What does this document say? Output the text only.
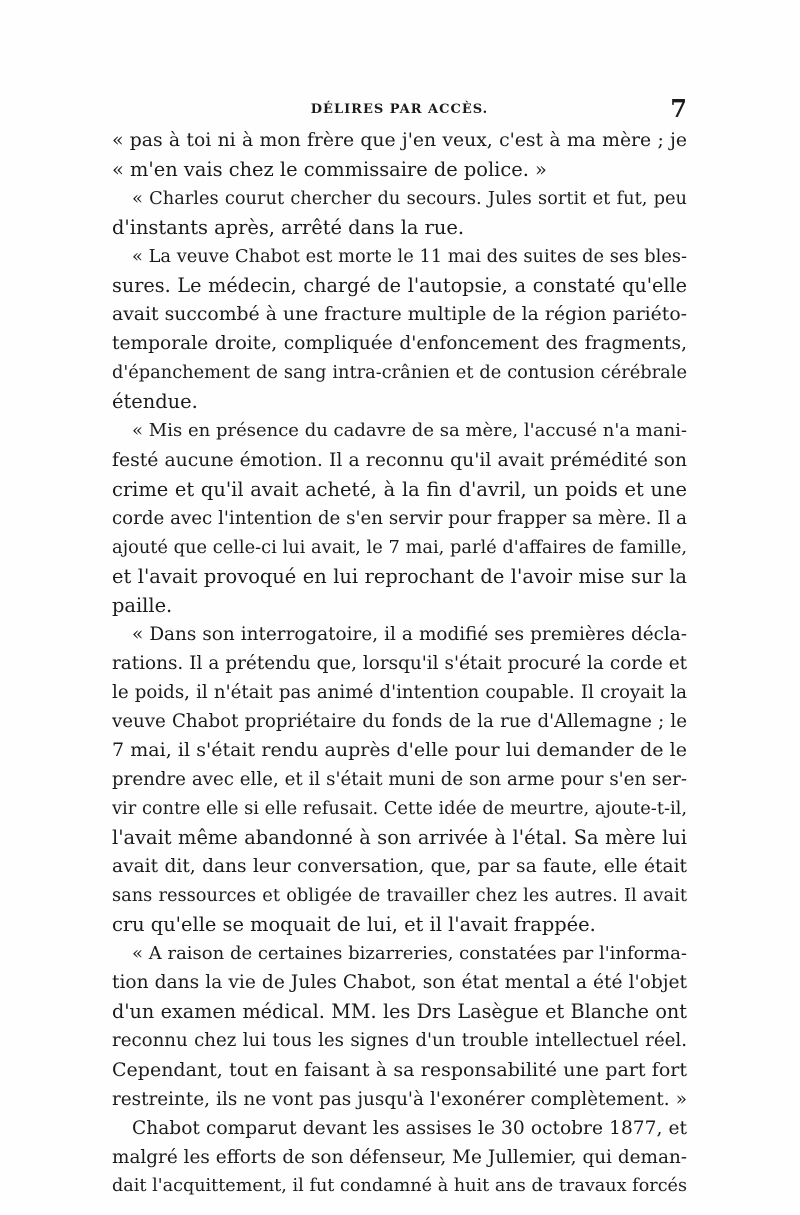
DÉLIRES PAR ACCÈS.	7
« pas à toi ni à mon frère que j'en veux, c'est à ma mère ; je
« m'en vais chez le commissaire de police. »
« Charles courut chercher du secours. Jules sortit et fut, peu
d'instants après, arrêté dans la rue.
« La veuve Chabot est morte le 11 mai des suites de ses bles-
sures. Le médecin, chargé de l'autopsie, a constaté qu'elle
avait succombé à une fracture multiple de la région pariéto-
temporale droite, compliquée d'enfoncement des fragments,
d'épanchement de sang intra-crânien et de contusion cérébrale
étendue.
« Mis en présence du cadavre de sa mère, l'accusé n'a mani-
festé aucune émotion. Il a reconnu qu'il avait prémédité son
crime et qu'il avait acheté, à la fin d'avril, un poids et une
corde avec l'intention de s'en servir pour frapper sa mère. Il a
ajouté que celle-ci lui avait, le 7 mai, parlé d'affaires de famille,
et l'avait provoqué en lui reprochant de l'avoir mise sur la
paille.
« Dans son interrogatoire, il a modifié ses premières décla-
rations. Il a prétendu que, lorsqu'il s'était procuré la corde et
le poids, il n'était pas animé d'intention coupable. Il croyait la
veuve Chabot propriétaire du fonds de la rue d'Allemagne ; le
7 mai, il s'était rendu auprès d'elle pour lui demander de le
prendre avec elle, et il s'était muni de son arme pour s'en ser-
vir contre elle si elle refusait. Cette idée de meurtre, ajoute-t-il,
l'avait même abandonné à son arrivée à l'étal. Sa mère lui
avait dit, dans leur conversation, que, par sa faute, elle était
sans ressources et obligée de travailler chez les autres. Il avait
cru qu'elle se moquait de lui, et il l'avait frappée.
« A raison de certaines bizarreries, constatées par l'informa-
tion dans la vie de Jules Chabot, son état mental a été l'objet
d'un examen médical. MM. les Drs Lasègue et Blanche ont
reconnu chez lui tous les signes d'un trouble intellectuel réel.
Cependant, tout en faisant à sa responsabilité une part fort
restreinte, ils ne vont pas jusqu'à l'exonérer complètement. »
Chabot comparut devant les assises le 30 octobre 1877, et
malgré les efforts de son défenseur, Me Jullemier, qui deman-
dait l'acquittement, il fut condamné à huit ans de travaux forcés
